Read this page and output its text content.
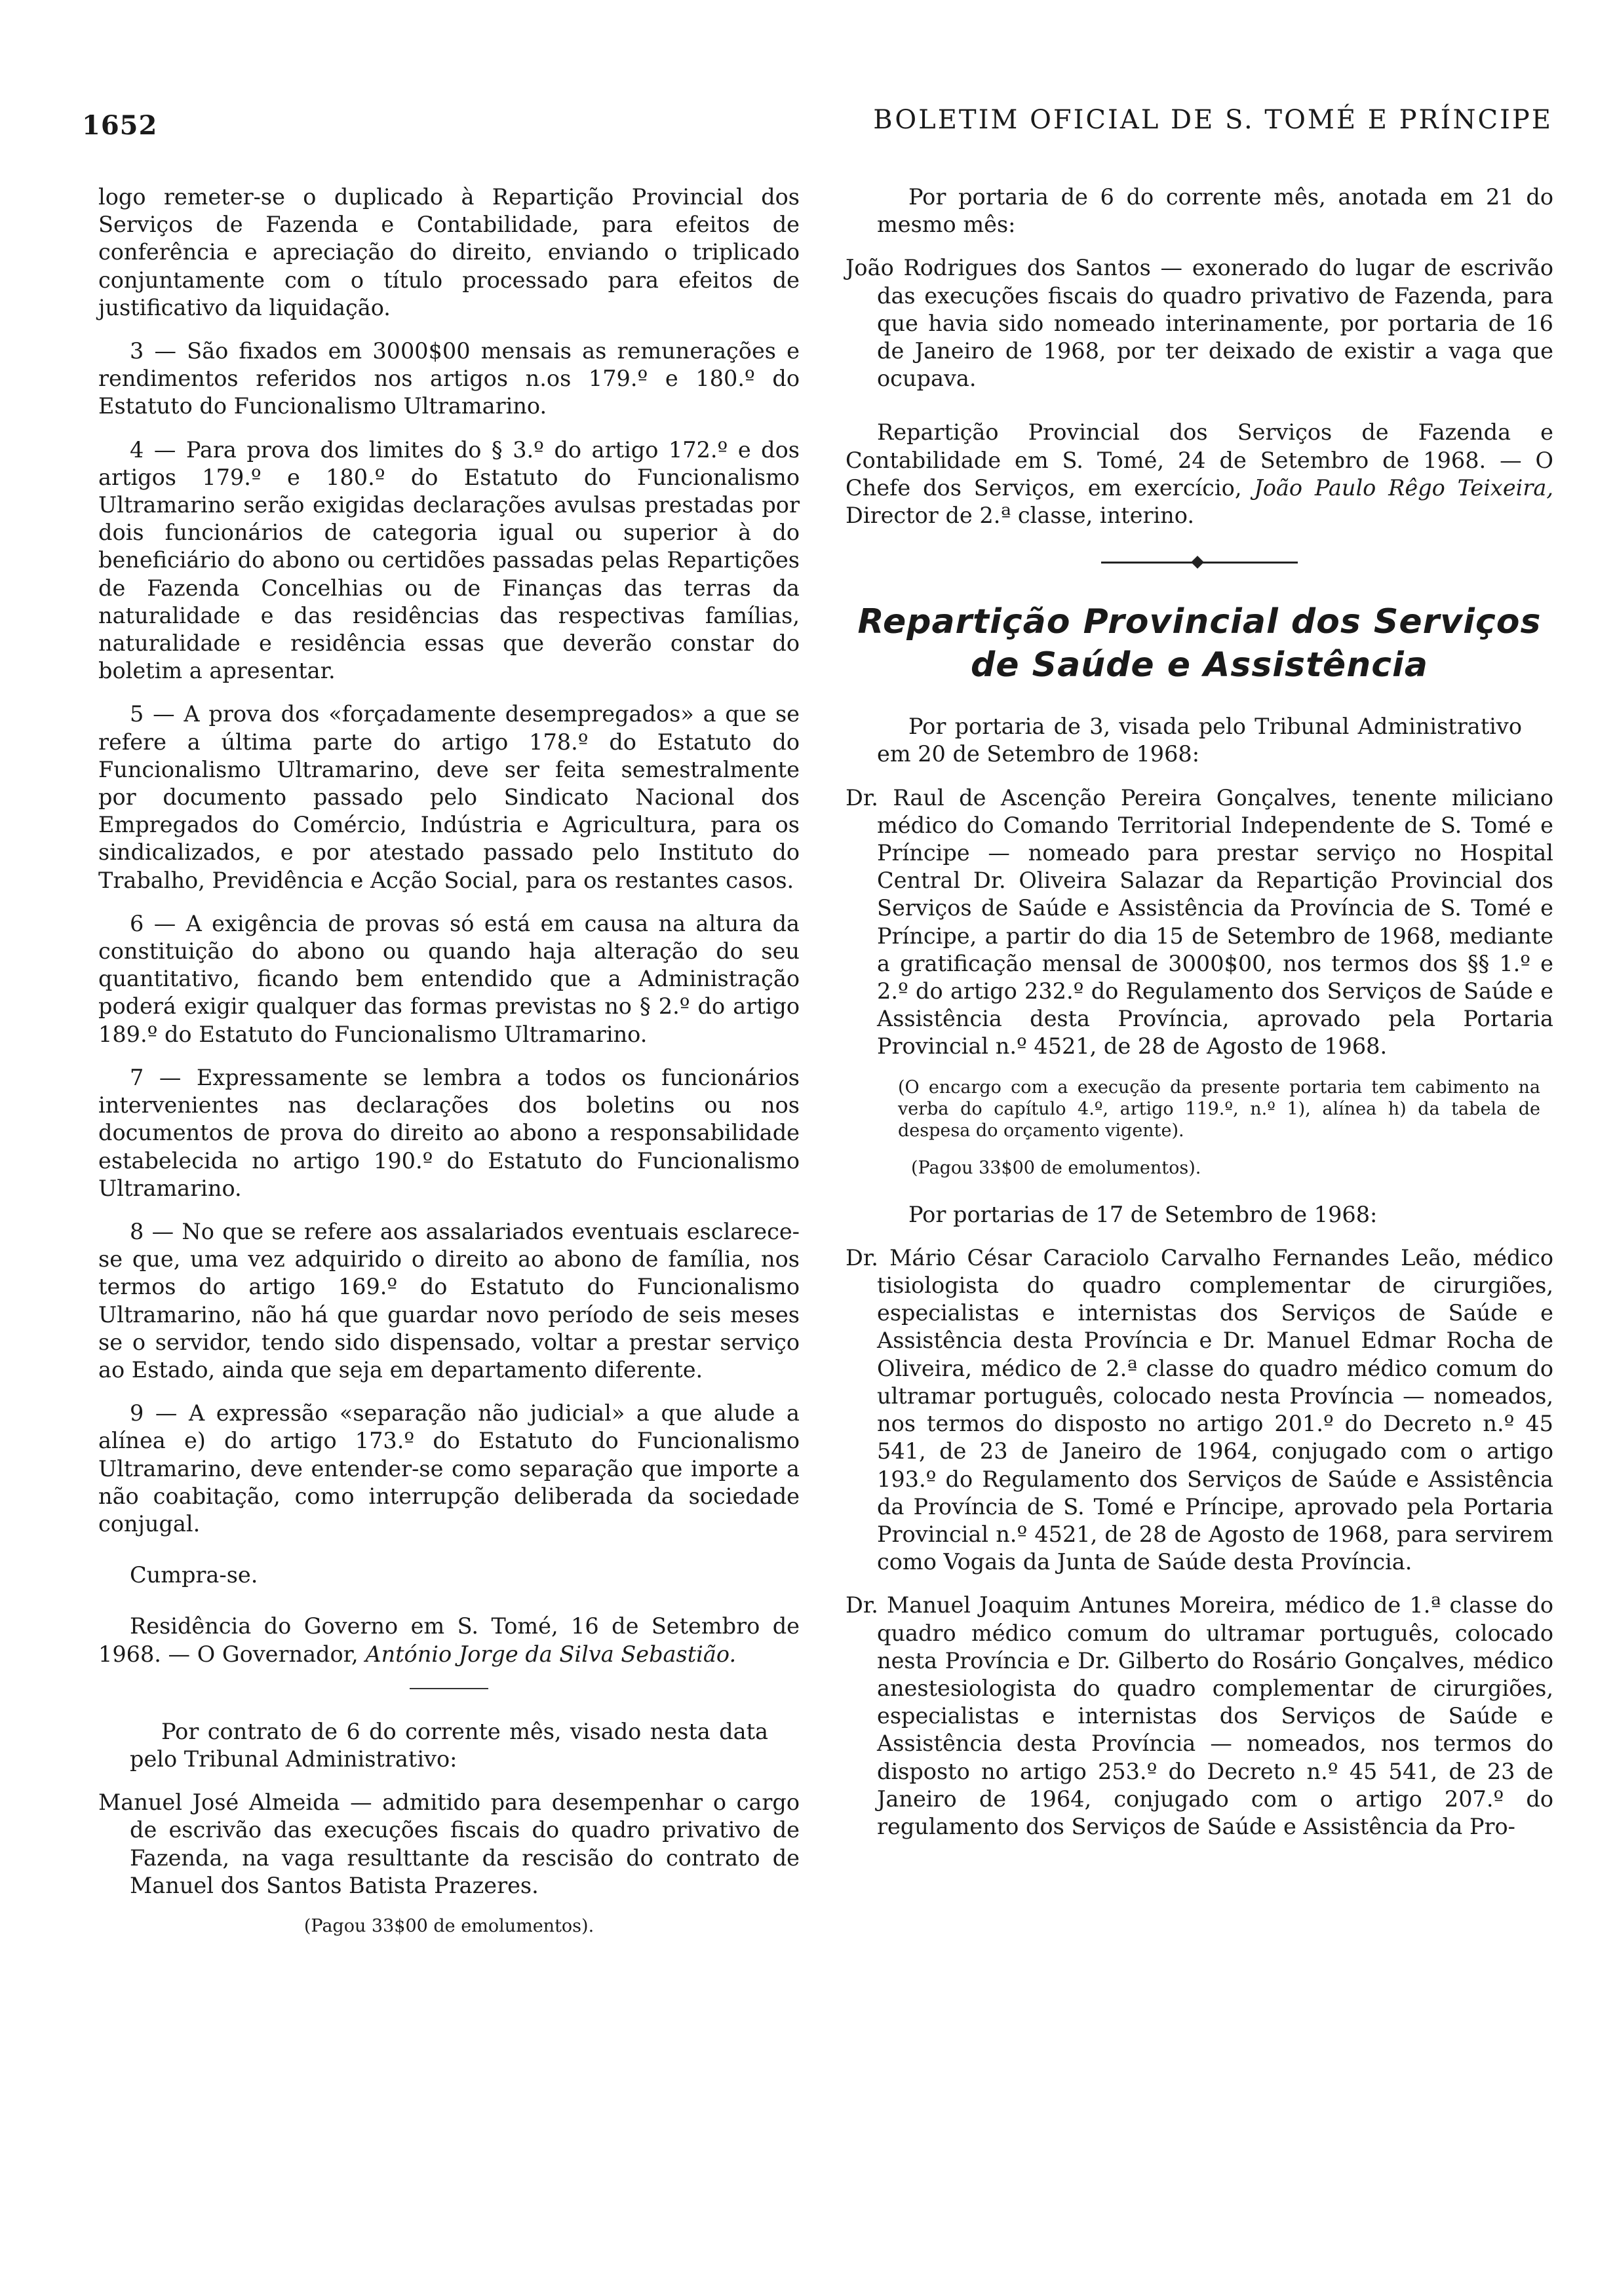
1652	BOLETIM OFICIAL DE S. TOMÉ E PRÍNCIPE

logo remeter-se o duplicado à Repartição Provincial dos Serviços de Fazenda e Contabilidade, para efeitos de conferência e apreciação do direito, enviando o triplicado conjuntamente com o título processado para efeitos de justificativo da liquidação.

3 — São fixados em 3000$00 mensais as remunerações e rendimentos referidos nos artigos n.os 179.º e 180.º do Estatuto do Funcionalismo Ultramarino.

4 — Para prova dos limites do § 3.º do artigo 172.º e dos artigos 179.º e 180.º do Estatuto do Funcionalismo Ultramarino serão exigidas declarações avulsas prestadas por dois funcionários de categoria igual ou superior à do beneficiário do abono ou certidões passadas pelas Repartições de Fazenda Concelhias ou de Finanças das terras da naturalidade e das residências das respectivas famílias, naturalidade e residência essas que deverão constar do boletim a apresentar.

5 — A prova dos «forçadamente desempregados» a que se refere a última parte do artigo 178.º do Estatuto do Funcionalismo Ultramarino, deve ser feita semestralmente por documento passado pelo Sindicato Nacional dos Empregados do Comércio, Indústria e Agricultura, para os sindicalizados, e por atestado passado pelo Instituto do Trabalho, Previdência e Acção Social, para os restantes casos.

6 — A exigência de provas só está em causa na altura da constituição do abono ou quando haja alteração do seu quantitativo, ficando bem entendido que a Administração poderá exigir qualquer das formas previstas no § 2.º do artigo 189.º do Estatuto do Funcionalismo Ultramarino.

7 — Expressamente se lembra a todos os funcionários intervenientes nas declarações dos boletins ou nos documentos de prova do direito ao abono a responsabilidade estabelecida no artigo 190.º do Estatuto do Funcionalismo Ultramarino.

8 — No que se refere aos assalariados eventuais esclarece-se que, uma vez adquirido o direito ao abono de família, nos termos do artigo 169.º do Estatuto do Funcionalismo Ultramarino, não há que guardar novo período de seis meses se o servidor, tendo sido dispensado, voltar a prestar serviço ao Estado, ainda que seja em departamento diferente.

9 — A expressão «separação não judicial» a que alude a alínea e) do artigo 173.º do Estatuto do Funcionalismo Ultramarino, deve entender-se como separação que importe a não coabitação, como interrupção deliberada da sociedade conjugal.

Cumpra-se.

Residência do Governo em S. Tomé, 16 de Setembro de 1968. — O Governador, António Jorge da Silva Sebastião.

Por contrato de 6 do corrente mês, visado nesta data pelo Tribunal Administrativo:

Manuel José Almeida — admitido para desempenhar o cargo de escrivão das execuções fiscais do quadro privativo de Fazenda, na vaga resulttante da rescisão do contrato de Manuel dos Santos Batista Prazeres.

(Pagou 33$00 de emolumentos).

Por portaria de 6 do corrente mês, anotada em 21 do mesmo mês:

João Rodrigues dos Santos — exonerado do lugar de escrivão das execuções fiscais do quadro privativo de Fazenda, para que havia sido nomeado interinamente, por portaria de 16 de Janeiro de 1968, por ter deixado de existir a vaga que ocupava.

Repartição Provincial dos Serviços de Fazenda e Contabilidade em S. Tomé, 24 de Setembro de 1968. — O Chefe dos Serviços, em exercício, João Paulo Rêgo Teixeira, Director de 2.ª classe, interino.

Repartição Provincial dos Serviços
de Saúde e Assistência

Por portaria de 3, visada pelo Tribunal Administrativo em 20 de Setembro de 1968:

Dr. Raul de Ascenção Pereira Gonçalves, tenente miliciano médico do Comando Territorial Independente de S. Tomé e Príncipe — nomeado para prestar serviço no Hospital Central Dr. Oliveira Salazar da Repartição Provincial dos Serviços de Saúde e Assistência da Província de S. Tomé e Príncipe, a partir do dia 15 de Setembro de 1968, mediante a gratificação mensal de 3000$00, nos termos dos §§ 1.º e 2.º do artigo 232.º do Regulamento dos Serviços de Saúde e Assistência desta Província, aprovado pela Portaria Provincial n.º 4521, de 28 de Agosto de 1968.

(O encargo com a execução da presente portaria tem cabimento na verba do capítulo 4.º, artigo 119.º, n.º 1), alínea h) da tabela de despesa do orçamento vigente).

(Pagou 33$00 de emolumentos).

Por portarias de 17 de Setembro de 1968:

Dr. Mário César Caraciolo Carvalho Fernandes Leão, médico tisiologista do quadro complementar de cirurgiões, especialistas e internistas dos Serviços de Saúde e Assistência desta Província e Dr. Manuel Edmar Rocha de Oliveira, médico de 2.ª classe do quadro médico comum do ultramar português, colocado nesta Província — nomeados, nos termos do disposto no artigo 201.º do Decreto n.º 45 541, de 23 de Janeiro de 1964, conjugado com o artigo 193.º do Regulamento dos Serviços de Saúde e Assistência da Província de S. Tomé e Príncipe, aprovado pela Portaria Provincial n.º 4521, de 28 de Agosto de 1968, para servirem como Vogais da Junta de Saúde desta Província.

Dr. Manuel Joaquim Antunes Moreira, médico de 1.ª classe do quadro médico comum do ultramar português, colocado nesta Província e Dr. Gilberto do Rosário Gonçalves, médico anestesiologista do quadro complementar de cirurgiões, especialistas e internistas dos Serviços de Saúde e Assistência desta Província — nomeados, nos termos do disposto no artigo 253.º do Decreto n.º 45 541, de 23 de Janeiro de 1964, conjugado com o artigo 207.º do regulamento dos Serviços de Saúde e Assistência da Pro-
